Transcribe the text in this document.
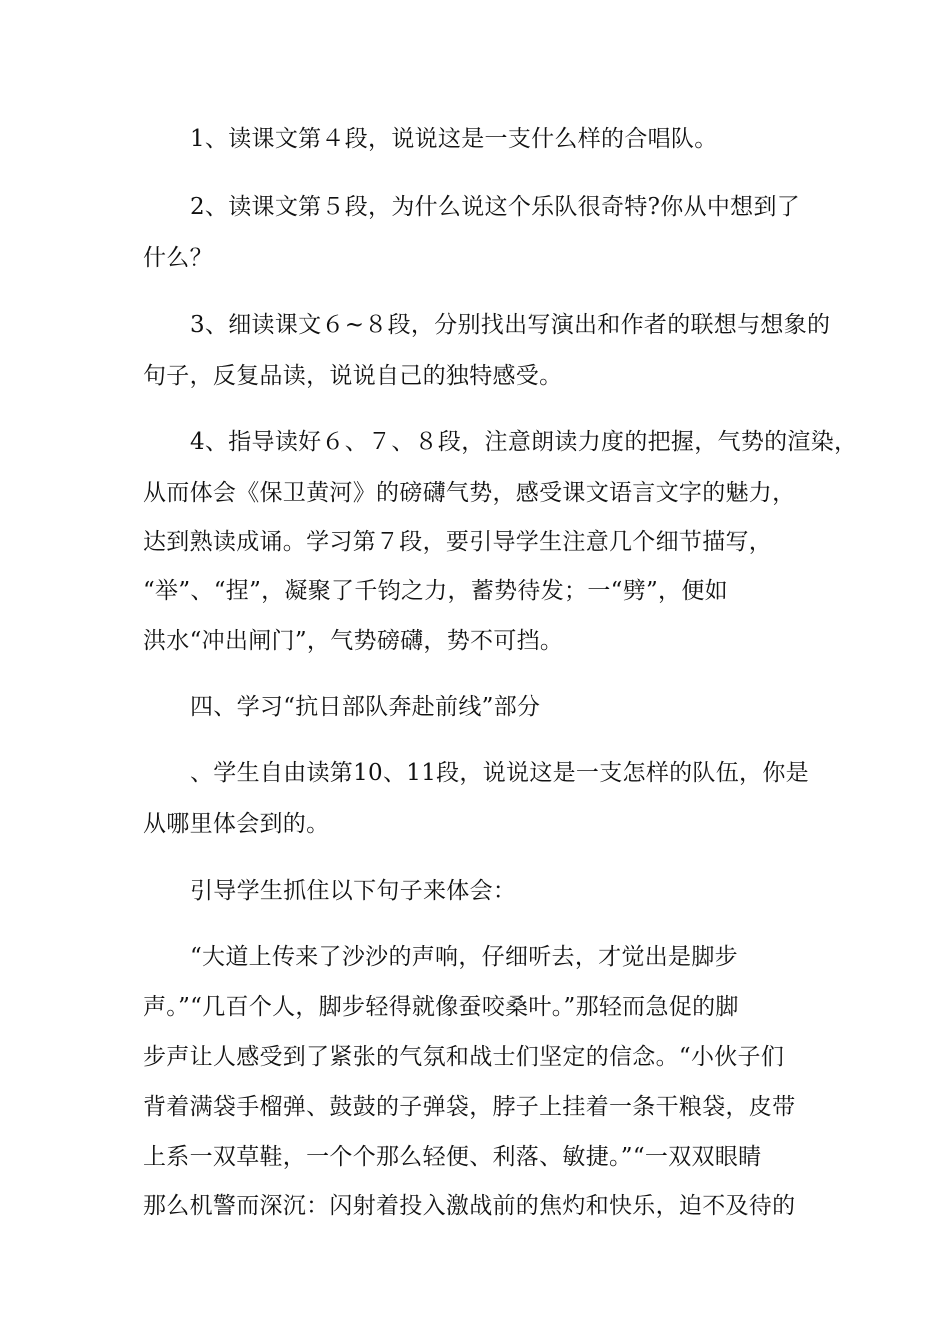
1、读课文第４段，说说这是一支什么样的合唱队。
2、读课文第５段，为什么说这个乐队很奇特?你从中想到了
什么？
3、细读课文６~８段，分别找出写演出和作者的联想与想象的
句子，反复品读，说说自己的独特感受。
4、指导读好６、７、８段，注意朗读力度的把握，气势的渲染，
从而体会《保卫黄河》的磅礴气势，感受课文语言文字的魅力，
达到熟读成诵。学习第７段，要引导学生注意几个细节描写，
“举”、“捏”，凝聚了千钧之力，蓄势待发；一“劈”，便如
洪水“冲出闸门”，气势磅礴，势不可挡。
四、学习“抗日部队奔赴前线”部分
、学生自由读第10、11段，说说这是一支怎样的队伍，你是
从哪里体会到的。
引导学生抓住以下句子来体会：
“大道上传来了沙沙的声响，仔细听去，才觉出是脚步
声。”“几百个人，脚步轻得就像蚕咬桑叶。”那轻而急促的脚
步声让人感受到了紧张的气氛和战士们坚定的信念。“小伙子们
背着满袋手榴弹、鼓鼓的子弹袋，脖子上挂着一条干粮袋，皮带
上系一双草鞋，一个个那么轻便、利落、敏捷。”“一双双眼睛
那么机警而深沉：闪射着投入激战前的焦灼和快乐，迫不及待的
